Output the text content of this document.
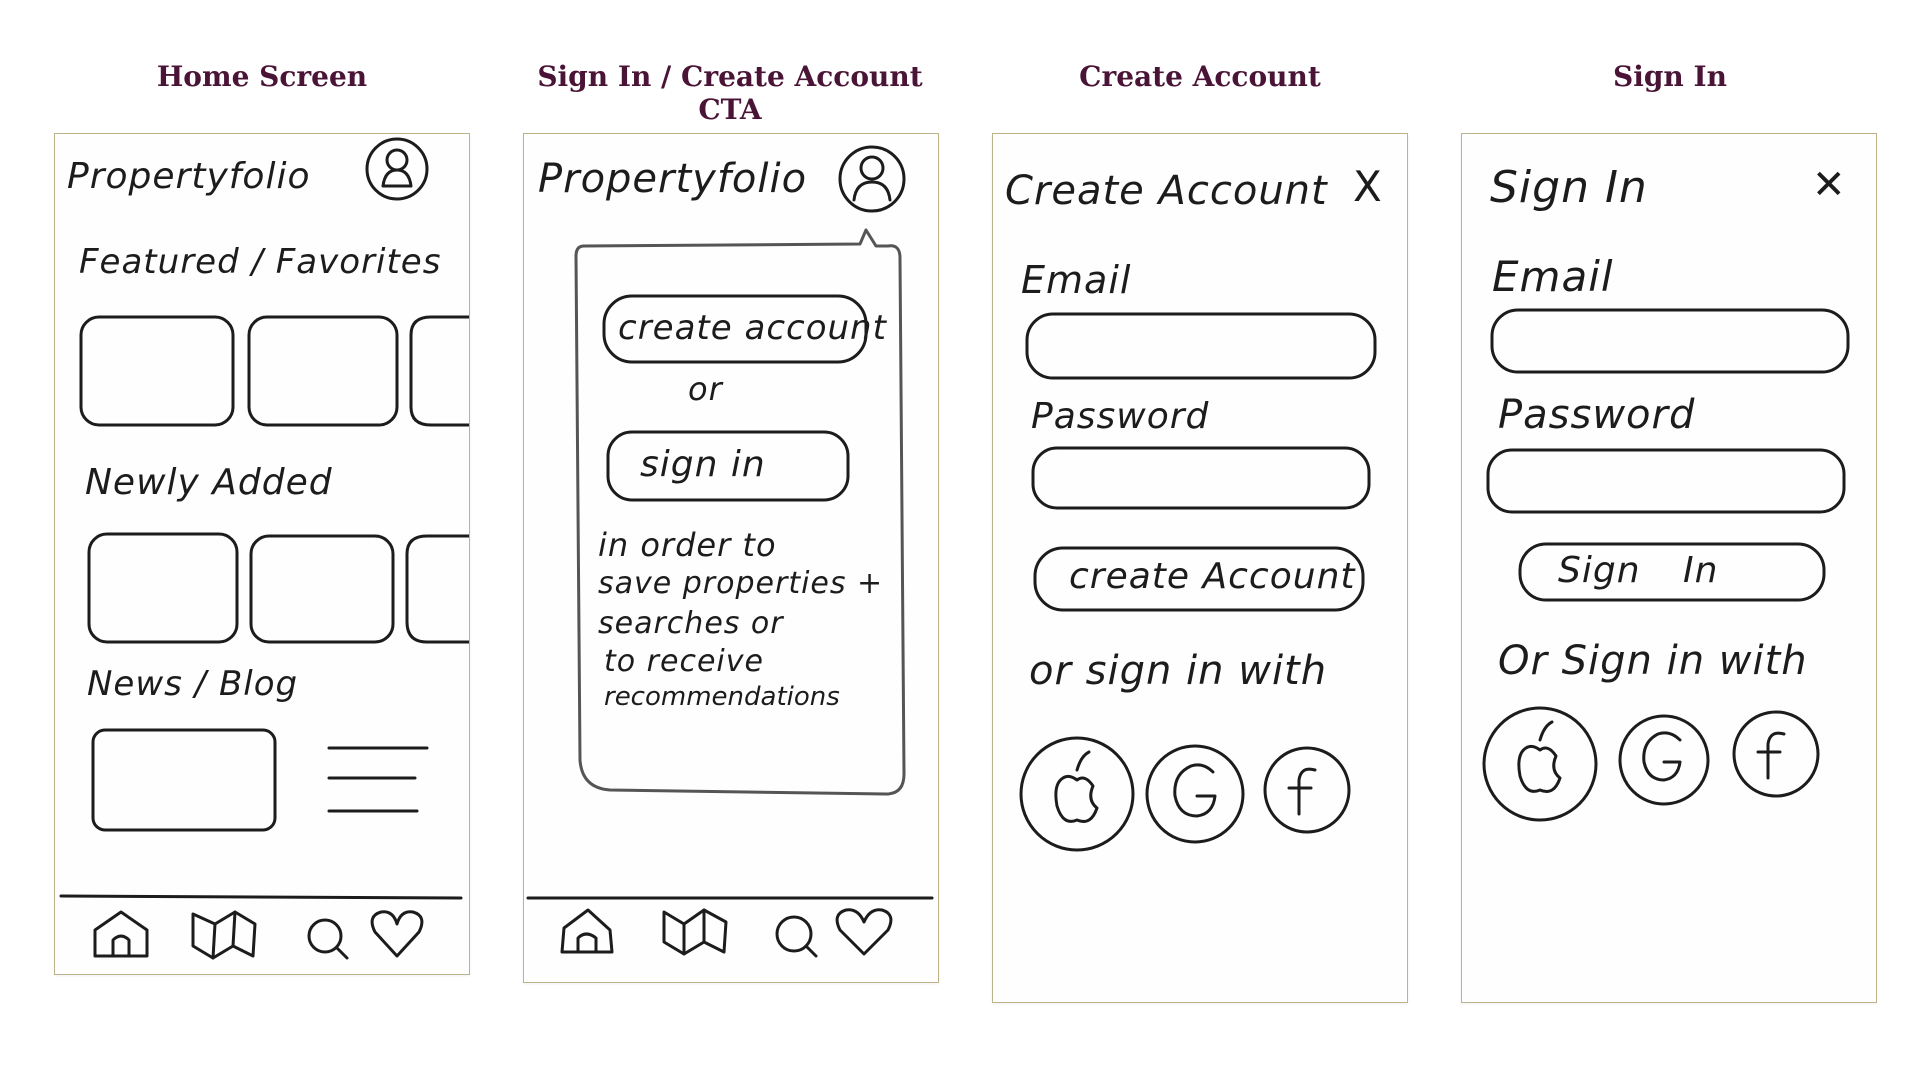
Home Screen	Sign In / Create Account CTA
Create Account	Sign In
Propertyfolio
Featured / Favorites
Newly Added
News / Blog
Propertyfolio
create account
or
sign in
in order to
save properties +
searches or
to receive
recommendations
Create Account X
Email
Password
create Account
or sign in with
Sign In	✕
Email
Password
Sign In
Or Sign in with
